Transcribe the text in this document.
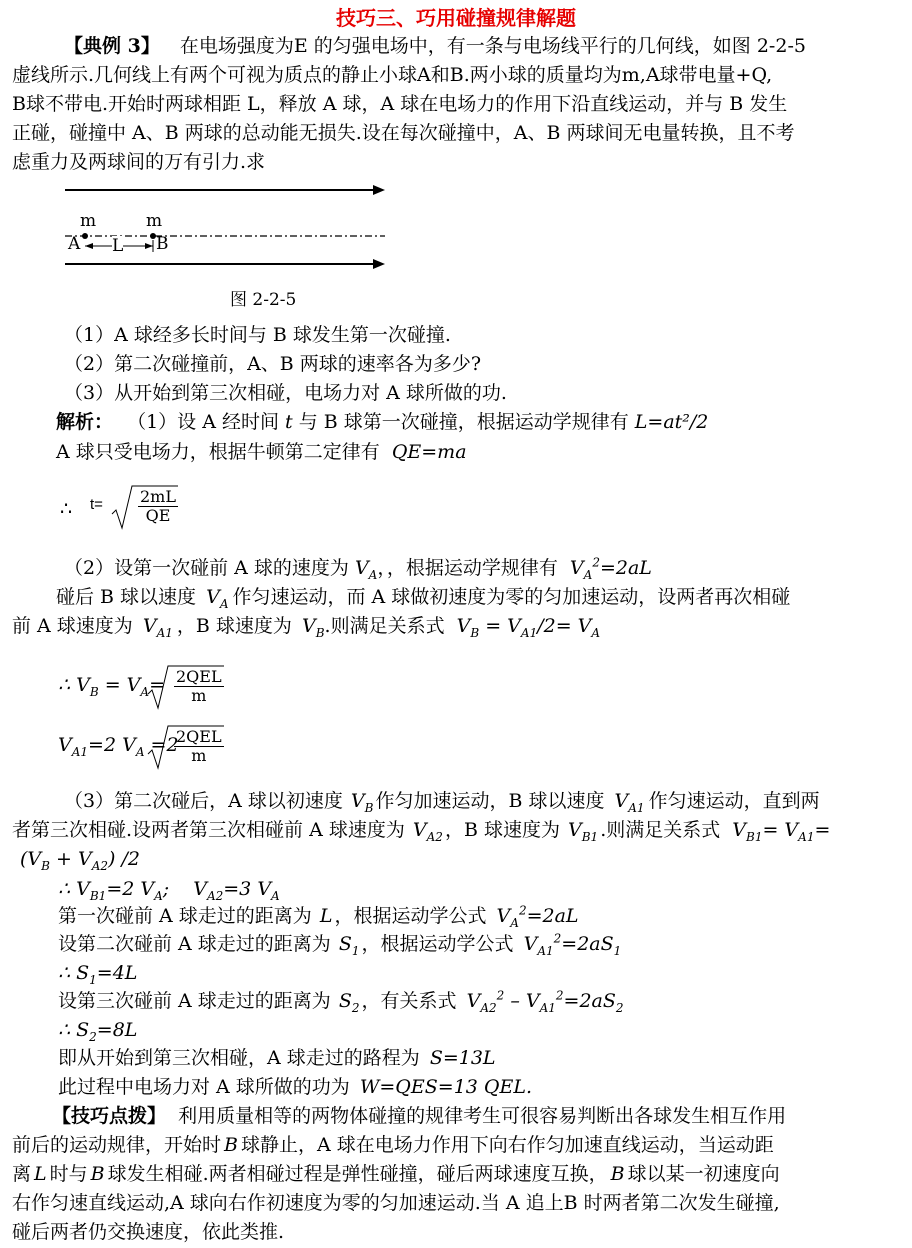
技巧三、巧用碰撞规律解题
【典例 3】 在电场强度为E 的匀强电场中，有一条与电场线平行的几何线，如图 2-2-5
虚线所示.几何线上有两个可视为质点的静止小球A和B.两小球的质量均为m,A球带电量+Q,
B球不带电.开始时两球相距 L，释放 A 球，A 球在电场力的作用下沿直线运动，并与 B 发生
正碰，碰撞中 A、B 两球的总动能无损失.设在每次碰撞中，A、B 两球间无电量转换，且不考
虑重力及两球间的万有引力.求
m	m
A L B
图 2-2-5
（1）A 球经多长时间与 B 球发生第一次碰撞.
（2）第二次碰撞前，A、B 两球的速率各为多少?
（3）从开始到第三次相碰，电场力对 A 球所做的功.
解析： （1）设 A 经时间 t 与 B 球第一次碰撞，根据运动学规律有 L=at²/2
A 球只受电场力，根据牛顿第二定律有 QE=ma
∴ $t= \frac{2mL}{QE}$
（2）设第一次碰前 A 球的速度为 $V_A$，，根据运动学规律有 $V_A^2=2aL$
碰后 B 球以速度 $V_A$ 作匀速运动，而 A 球做初速度为零的匀加速运动，设两者再次相碰
前 A 球速度为 $V_{A1}$ ，B 球速度为 $V_B$.则满足关系式 $V_B = V_{A1}/2= V_A$
∴ $V_B = V_A= 2QEL$
m
$V_{A1}=2$ $V_A =2$
2QEL
m
（3）第二次碰后，A 球以初速度 $V_B$ 作匀加速运动，B 球以速度 $V_{A1}$ 作匀速运动，直到两
者第三次相碰.设两者第三次相碰前 A 球速度为 $V_{A2}$ ，B 球速度为 $V_{B1}$ .则满足关系式 $V_{B1}= V_{A1}=$
$(V_B + V_{A2})$ /2
∴ $V_{B1}=2$ $V_A$; $V_{A2}=3$ $V_A$
第一次碰前 A 球走过的距离为 L ，根据运动学公式 $V_A^2=2aL$
设第二次碰前 A 球走过的距离为 $S_1$ ，根据运动学公式 $V_{A1}^2=2aS_1$
∴ $S_1=4L$
设第三次碰前 A 球走过的距离为 $S_2$ ，有关系式 $V_{A2}^2 - V_{A1}^2=2aS_2$
∴ $S_2=8L$
即从开始到第三次相碰，A 球走过的路程为 S=13L
此过程中电场力对 A 球所做的功为 W=QES=13 QEL.
【技巧点拨】 利用质量相等的两物体碰撞的规律考生可很容易判断出各球发生相互作用
前后的运动规律，开始时 B 球静止，A 球在电场力作用下向右作匀加速直线运动，当运动距
离 L 时与 B 球发生相碰.两者相碰过程是弹性碰撞，碰后两球速度互换， B 球以某一初速度向
右作匀速直线运动,A 球向右作初速度为零的匀加速运动.当 A 追上B 时两者第二次发生碰撞,
碰后两者仍交换速度，依此类推.
